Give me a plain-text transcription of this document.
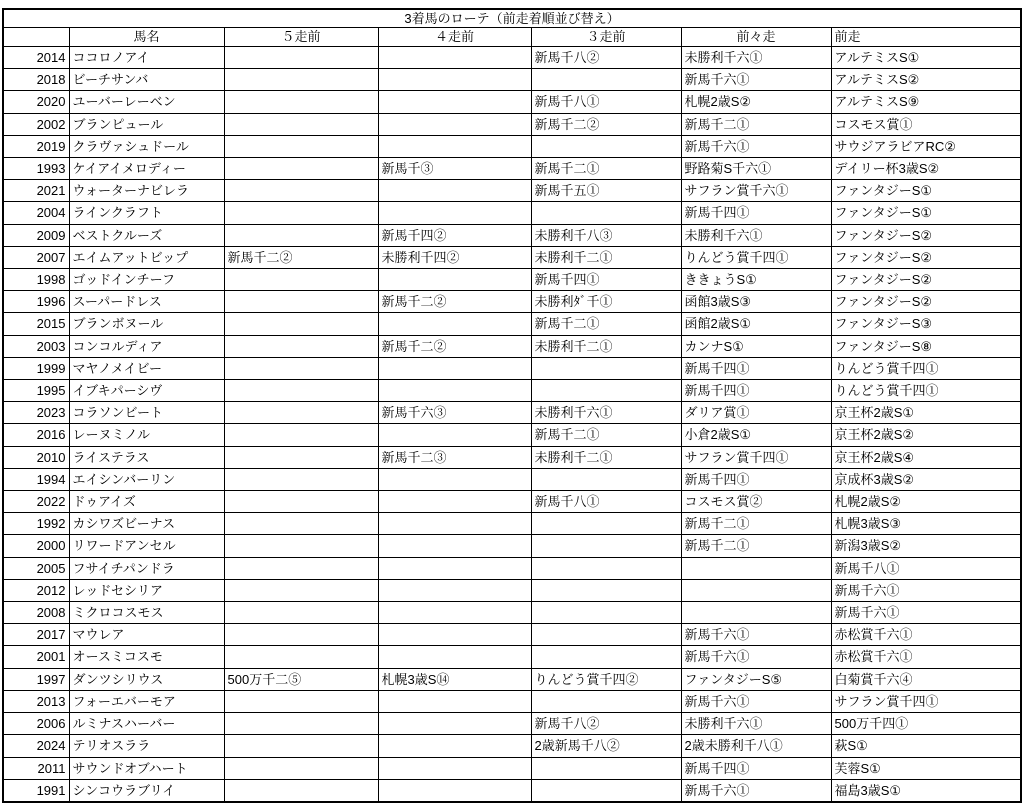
3着馬のローテ（前走着順並び替え）						
	馬名	５走前	４走前	３走前	前々走	前走
2014	ココロノアイ			新馬千八②	未勝利千六①	アルテミスS①
2018	ビーチサンバ				新馬千六①	アルテミスS②
2020	ユーバーレーベン			新馬千八①	札幌2歳S②	アルテミスS⑨
2002	ブランピュール			新馬千二②	新馬千二①	コスモス賞①
2019	クラヴァシュドール				新馬千六①	サウジアラビアRC②
1993	ケイアイメロディー		新馬千③	新馬千二①	野路菊S千六①	デイリー杯3歳S②
2021	ウォーターナビレラ			新馬千五①	サフラン賞千六①	ファンタジーS①
2004	ラインクラフト				新馬千四①	ファンタジーS①
2009	ベストクルーズ		新馬千四②	未勝利千八③	未勝利千六①	ファンタジーS②
2007	エイムアットビップ	新馬千二②	未勝利千四②	未勝利千二①	りんどう賞千四①	ファンタジーS②
1998	ゴッドインチーフ			新馬千四①	ききょうS①	ファンタジーS②
1996	スーパードレス		新馬千二②	未勝利ﾀﾞ千①	函館3歳S③	ファンタジーS②
2015	ブランボヌール			新馬千二①	函館2歳S①	ファンタジーS③
2003	コンコルディア		新馬千二②	未勝利千二①	カンナS①	ファンタジーS⑧
1999	マヤノメイビー				新馬千四①	りんどう賞千四①
1995	イブキパーシヴ				新馬千四①	りんどう賞千四①
2023	コラソンビート		新馬千六③	未勝利千六①	ダリア賞①	京王杯2歳S①
2016	レーヌミノル			新馬千二①	小倉2歳S①	京王杯2歳S②
2010	ライステラス		新馬千二③	未勝利千二①	サフラン賞千四①	京王杯2歳S④
1994	エイシンバーリン				新馬千四①	京成杯3歳S②
2022	ドゥアイズ			新馬千八①	コスモス賞②	札幌2歳S②
1992	カシワズビーナス				新馬千二①	札幌3歳S③
2000	リワードアンセル				新馬千二①	新潟3歳S②
2005	フサイチパンドラ					新馬千八①
2012	レッドセシリア					新馬千六①
2008	ミクロコスモス					新馬千六①
2017	マウレア				新馬千六①	赤松賞千六①
2001	オースミコスモ				新馬千六①	赤松賞千六①
1997	ダンツシリウス	500万千二⑤	札幌3歳S⑭	りんどう賞千四②	ファンタジーS⑤	白菊賞千六④
2013	フォーエバーモア				新馬千六①	サフラン賞千四①
2006	ルミナスハーバー			新馬千八②	未勝利千六①	500万千四①
2024	テリオスララ			2歳新馬千八②	2歳未勝利千八①	萩S①
2011	サウンドオブハート				新馬千四①	芙蓉S①
1991	シンコウラブリイ				新馬千六①	福島3歳S①
